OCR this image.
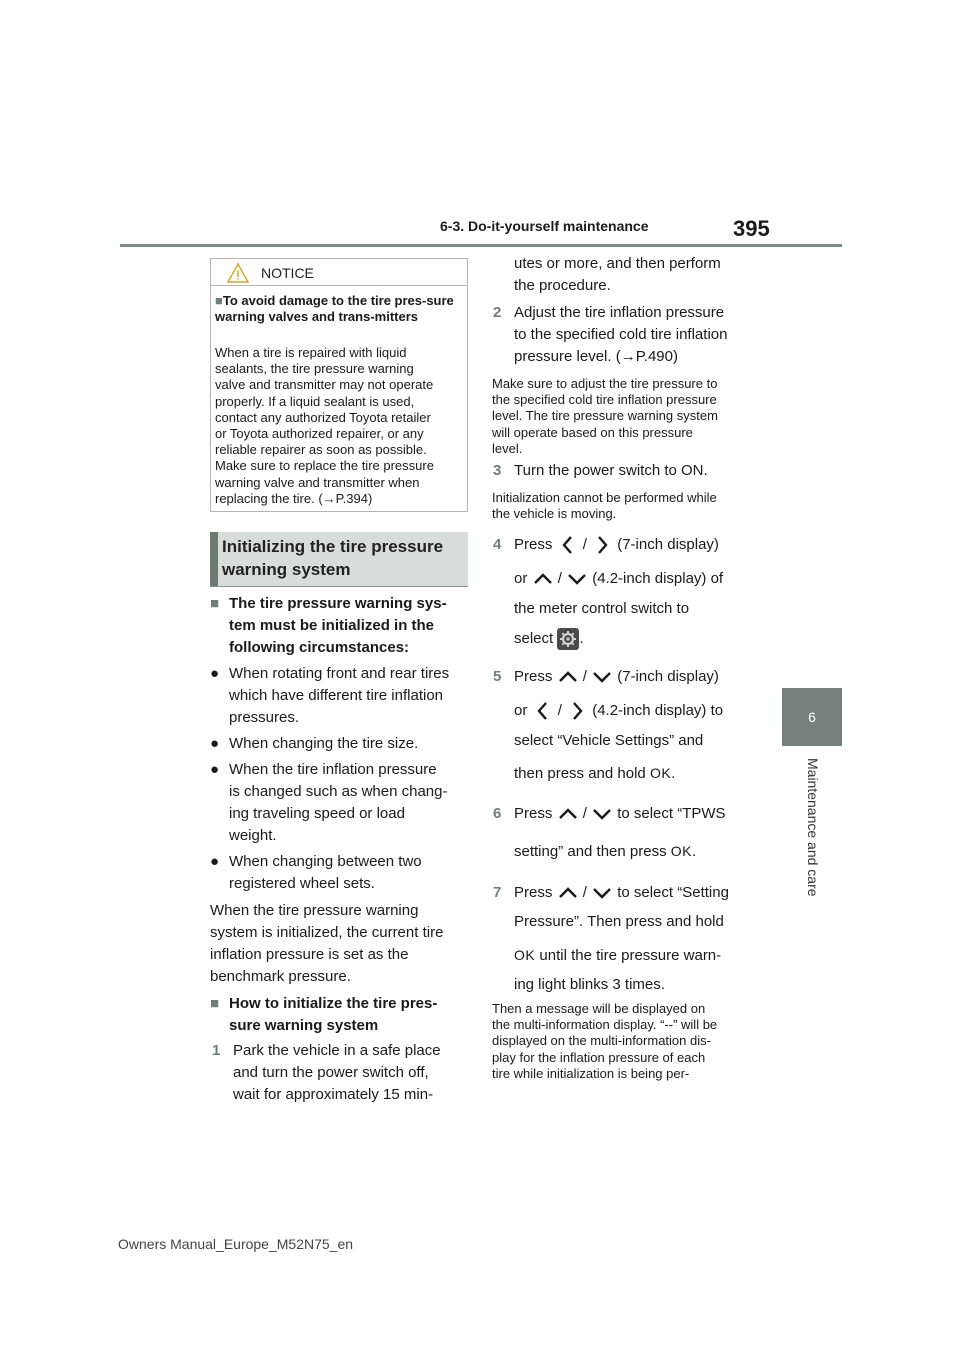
6-3. Do-it-yourself maintenance	395
6
Maintenance and care
NOTICE
■To avoid damage to the tire pres-sure warning valves and trans-mitters
When a tire is repaired with liquid
sealants, the tire pressure warning
valve and transmitter may not operate
properly. If a liquid sealant is used,
contact any authorized Toyota retailer
or Toyota authorized repairer, or any
reliable repairer as soon as possible.
Make sure to replace the tire pressure
warning valve and transmitter when
replacing the tire. (→P.394)
Initializing the tire pressure
warning system
■ The tire pressure warning sys-
tem must be initialized in the
following circumstances:
● When rotating front and rear tires
which have different tire inflation
pressures.
● When changing the tire size.
● When the tire inflation pressure
is changed such as when chang-
ing traveling speed or load
weight.
● When changing between two
registered wheel sets.
When the tire pressure warning
system is initialized, the current tire
inflation pressure is set as the
benchmark pressure.
■ How to initialize the tire pres-
sure warning system
1 Park the vehicle in a safe place
and turn the power switch off,
wait for approximately 15 min-
utes or more, and then perform
the procedure.
2 Adjust the tire inflation pressure
to the specified cold tire inflation
pressure level. (→P.490)
Make sure to adjust the tire pressure to
the specified cold tire inflation pressure
level. The tire pressure warning system
will operate based on this pressure
level.
3 Turn the power switch to ON.
Initialization cannot be performed while
the vehicle is moving.
4 Press / (7-inch display)
or / (4.2-inch display) of
the meter control switch to
select .
5 Press / (7-inch display)
or / (4.2-inch display) to
select “Vehicle Settings” and
then press and hold OK.
6 Press / to select “TPWS
setting” and then press OK.
7 Press / to select “Setting
Pressure”. Then press and hold
OK until the tire pressure warn-
ing light blinks 3 times.
Then a message will be displayed on
the multi-information display. “--” will be
displayed on the multi-information dis-
play for the inflation pressure of each
tire while initialization is being per-
Owners Manual_Europe_M52N75_en
